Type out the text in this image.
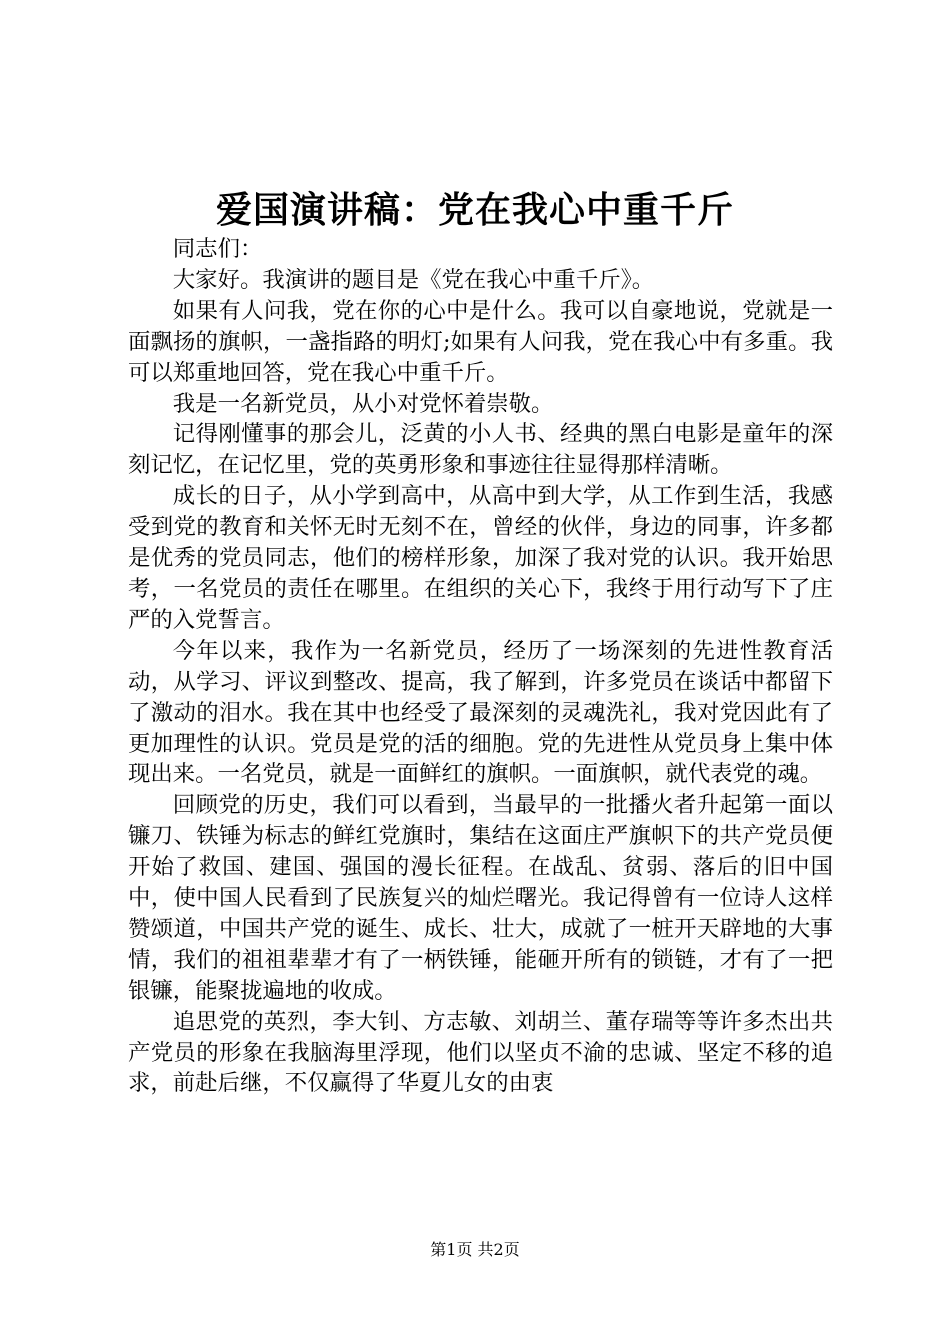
爱国演讲稿：党在我心中重千斤

同志们：

大家好。我演讲的题目是《党在我心中重千斤》。

如果有人问我，党在你的心中是什么。我可以自豪地说，党就是一面飘扬的旗帜，一盏指路的明灯;如果有人问我，党在我心中有多重。我可以郑重地回答，党在我心中重千斤。

我是一名新党员，从小对党怀着崇敬。

记得刚懂事的那会儿，泛黄的小人书、经典的黑白电影是童年的深刻记忆，在记忆里，党的英勇形象和事迹往往显得那样清晰。

成长的日子，从小学到高中，从高中到大学，从工作到生活，我感受到党的教育和关怀无时无刻不在，曾经的伙伴，身边的同事，许多都是优秀的党员同志，他们的榜样形象，加深了我对党的认识。我开始思考，一名党员的责任在哪里。在组织的关心下，我终于用行动写下了庄严的入党誓言。

今年以来，我作为一名新党员，经历了一场深刻的先进性教育活动，从学习、评议到整改、提高，我了解到，许多党员在谈话中都留下了激动的泪水。我在其中也经受了最深刻的灵魂洗礼，我对党因此有了更加理性的认识。党员是党的活的细胞。党的先进性从党员身上集中体现出来。一名党员，就是一面鲜红的旗帜。一面旗帜，就代表党的魂。

回顾党的历史，我们可以看到，当最早的一批播火者升起第一面以镰刀、铁锤为标志的鲜红党旗时，集结在这面庄严旗帜下的共产党员便开始了救国、建国、强国的漫长征程。在战乱、贫弱、落后的旧中国中，使中国人民看到了民族复兴的灿烂曙光。我记得曾有一位诗人这样赞颂道，中国共产党的诞生、成长、壮大，成就了一桩开天辟地的大事情，我们的祖祖辈辈才有了一柄铁锤，能砸开所有的锁链，才有了一把银镰，能聚拢遍地的收成。

追思党的英烈，李大钊、方志敏、刘胡兰、董存瑞等等许多杰出共产党员的形象在我脑海里浮现，他们以坚贞不渝的忠诚、坚定不移的追求，前赴后继，不仅赢得了华夏儿女的由衷

第1页 共2页
